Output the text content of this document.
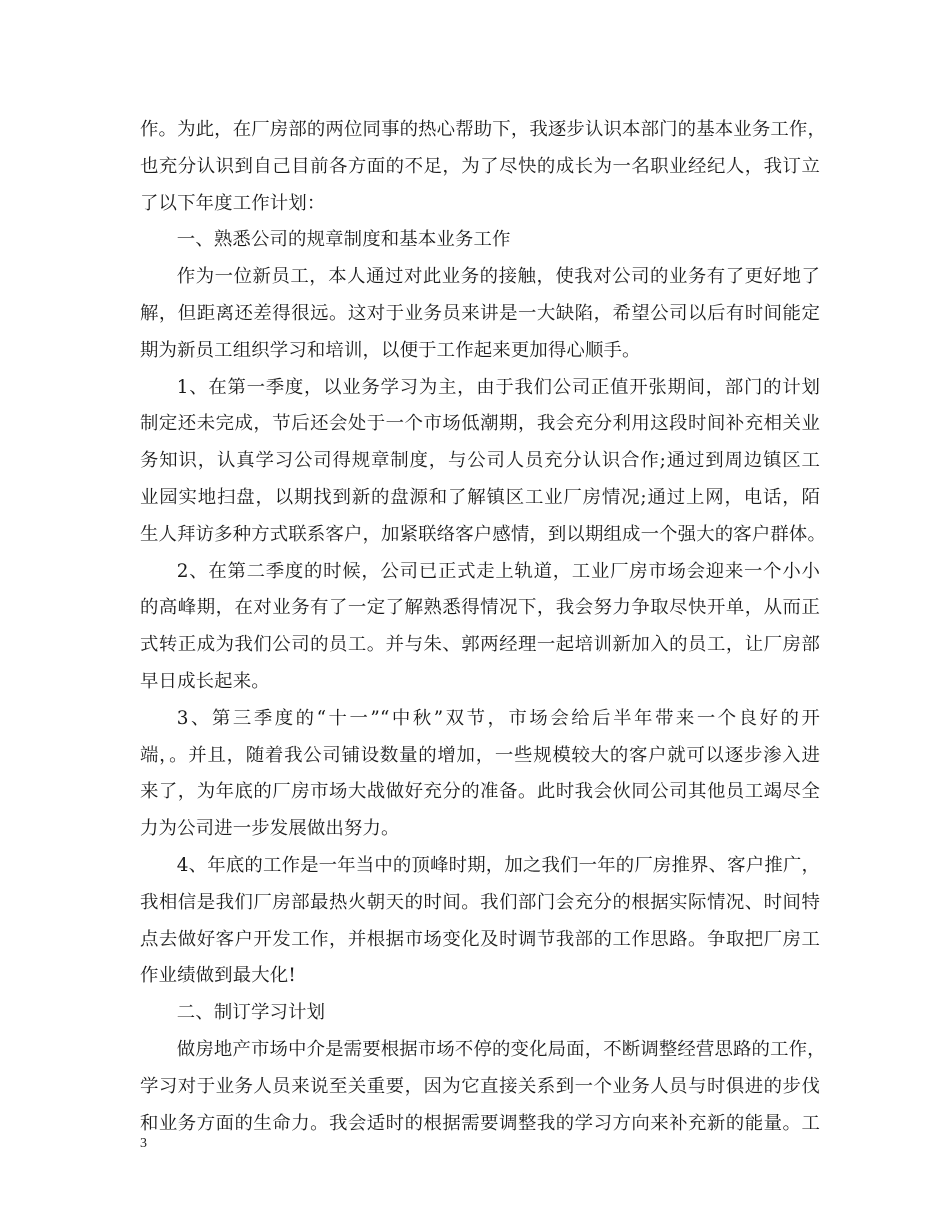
作。为此，在厂房部的两位同事的热心帮助下，我逐步认识本部门的基本业务工作，
也充分认识到自己目前各方面的不足，为了尽快的成长为一名职业经纪人，我订立
了以下年度工作计划：
一、熟悉公司的规章制度和基本业务工作
作为一位新员工，本人通过对此业务的接触，使我对公司的业务有了更好地了
解，但距离还差得很远。这对于业务员来讲是一大缺陷，希望公司以后有时间能定
期为新员工组织学习和培训，以便于工作起来更加得心顺手。
1、在第一季度，以业务学习为主，由于我们公司正值开张期间，部门的计划
制定还未完成，节后还会处于一个市场低潮期，我会充分利用这段时间补充相关业
务知识，认真学习公司得规章制度，与公司人员充分认识合作;通过到周边镇区工
业园实地扫盘，以期找到新的盘源和了解镇区工业厂房情况;通过上网，电话，陌
生人拜访多种方式联系客户，加紧联络客户感情，到以期组成一个强大的客户群体。
2、在第二季度的时候，公司已正式走上轨道，工业厂房市场会迎来一个小小
的高峰期，在对业务有了一定了解熟悉得情况下，我会努力争取尽快开单，从而正
式转正成为我们公司的员工。并与朱、郭两经理一起培训新加入的员工，让厂房部
早日成长起来。
3、第三季度的“十一”“中秋”双节，市场会给后半年带来一个良好的开
端，。并且，随着我公司铺设数量的增加，一些规模较大的客户就可以逐步渗入进
来了，为年底的厂房市场大战做好充分的准备。此时我会伙同公司其他员工竭尽全
力为公司进一步发展做出努力。
4、年底的工作是一年当中的顶峰时期，加之我们一年的厂房推界、客户推广，
我相信是我们厂房部最热火朝天的时间。我们部门会充分的根据实际情况、时间特
点去做好客户开发工作，并根据市场变化及时调节我部的工作思路。争取把厂房工
作业绩做到最大化!
二、制订学习计划
做房地产市场中介是需要根据市场不停的变化局面，不断调整经营思路的工作，
学习对于业务人员来说至关重要，因为它直接关系到一个业务人员与时俱进的步伐
和业务方面的生命力。我会适时的根据需要调整我的学习方向来补充新的能量。工
3
